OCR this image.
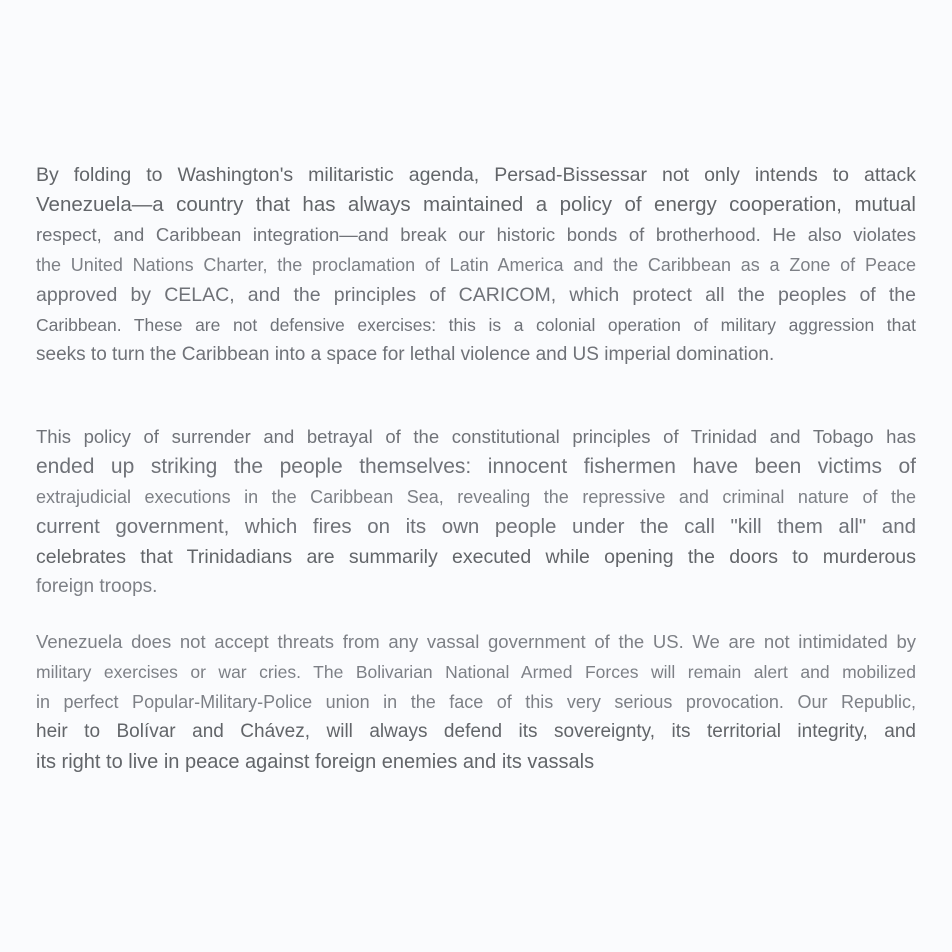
By folding to Washington's militaristic agenda, Persad-Bissessar not only intends to attack
Venezuela—a country that has always maintained a policy of energy cooperation, mutual
respect, and Caribbean integration—and break our historic bonds of brotherhood. He also violates
the United Nations Charter, the proclamation of Latin America and the Caribbean as a Zone of Peace
approved by CELAC, and the principles of CARICOM, which protect all the peoples of the
Caribbean. These are not defensive exercises: this is a colonial operation of military aggression that
seeks to turn the Caribbean into a space for lethal violence and US imperial domination.
This policy of surrender and betrayal of the constitutional principles of Trinidad and Tobago has
ended up striking the people themselves: innocent fishermen have been victims of
extrajudicial executions in the Caribbean Sea, revealing the repressive and criminal nature of the
current government, which fires on its own people under the call "kill them all" and
celebrates that Trinidadians are summarily executed while opening the doors to murderous
foreign troops.
Venezuela does not accept threats from any vassal government of the US. We are not intimidated by
military exercises or war cries. The Bolivarian National Armed Forces will remain alert and mobilized
in perfect Popular-Military-Police union in the face of this very serious provocation. Our Republic,
heir to Bolívar and Chávez, will always defend its sovereignty, its territorial integrity, and
its right to live in peace against foreign enemies and its vassals
